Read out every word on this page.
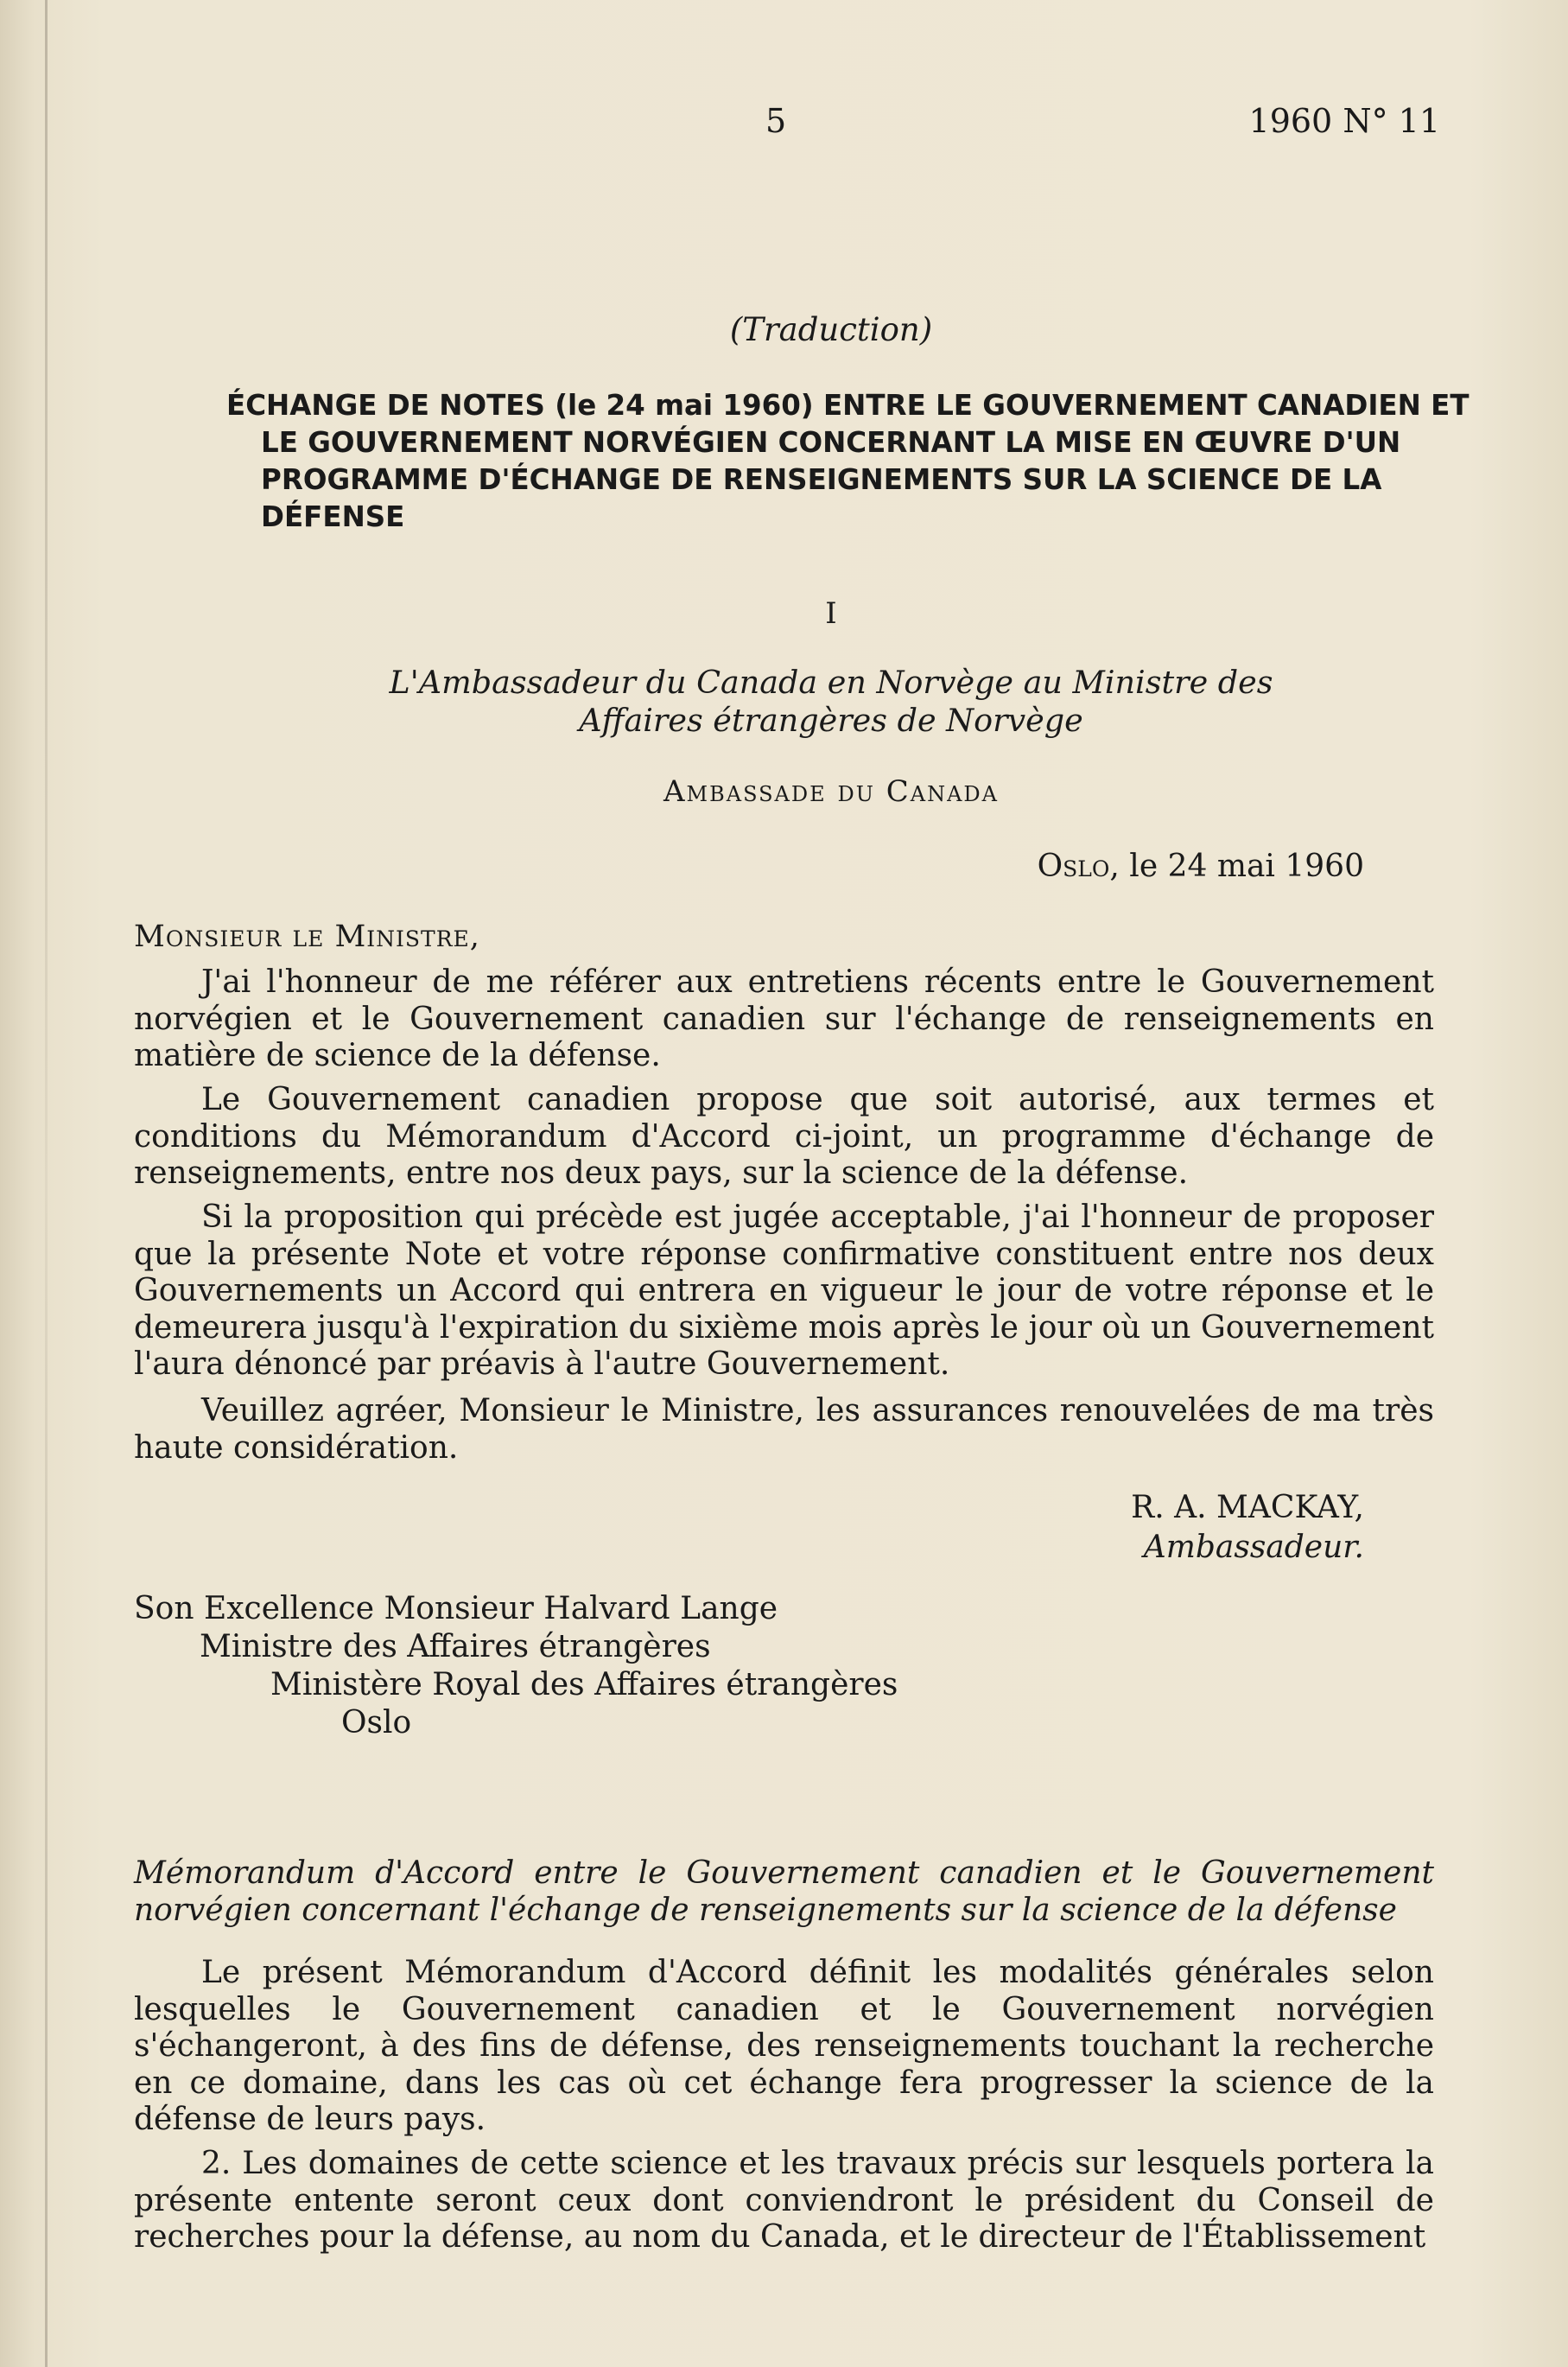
5	1960 N° 11
(Traduction)
ÉCHANGE DE NOTES (le 24 mai 1960) ENTRE LE GOUVERNEMENT CANADIEN ET LE GOUVERNEMENT NORVÉGIEN CONCERNANT LA MISE EN ŒUVRE D'UN PROGRAMME D'ÉCHANGE DE RENSEIGNEMENTS SUR LA SCIENCE DE LA DÉFENSE
I
L'Ambassadeur du Canada en Norvège au Ministre des
Affaires étrangères de Norvège
Ambassade du Canada
Oslo, le 24 mai 1960
Monsieur le Ministre,
J'ai l'honneur de me référer aux entretiens récents entre le Gouvernement norvégien et le Gouvernement canadien sur l'échange de renseignements en matière de science de la défense.
Le Gouvernement canadien propose que soit autorisé, aux termes et conditions du Mémorandum d'Accord ci-joint, un programme d'échange de renseignements, entre nos deux pays, sur la science de la défense.
Si la proposition qui précède est jugée acceptable, j'ai l'honneur de proposer que la présente Note et votre réponse confirmative constituent entre nos deux Gouvernements un Accord qui entrera en vigueur le jour de votre réponse et le demeurera jusqu'à l'expiration du sixième mois après le jour où un Gouvernement l'aura dénoncé par préavis à l'autre Gouvernement.
Veuillez agréer, Monsieur le Ministre, les assurances renouvelées de ma très haute considération.
R. A. MACKAY,
Ambassadeur.
Son Excellence Monsieur Halvard Lange
Ministre des Affaires étrangères
Ministère Royal des Affaires étrangères
Oslo
Mémorandum d'Accord entre le Gouvernement canadien et le Gouvernement norvégien concernant l'échange de renseignements sur la science de la défense
Le présent Mémorandum d'Accord définit les modalités générales selon lesquelles le Gouvernement canadien et le Gouvernement norvégien s'échangeront, à des fins de défense, des renseignements touchant la recherche en ce domaine, dans les cas où cet échange fera progresser la science de la défense de leurs pays.
2. Les domaines de cette science et les travaux précis sur lesquels portera la présente entente seront ceux dont conviendront le président du Conseil de recherches pour la défense, au nom du Canada, et le directeur de l'Établissement
